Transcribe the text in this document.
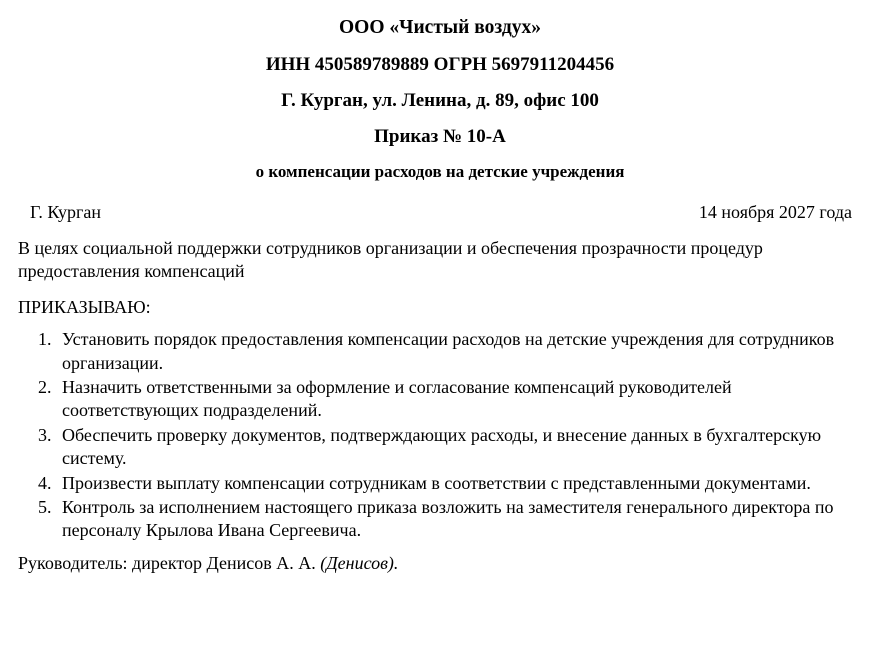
ООО «Чистый воздух»
ИНН 450589789889 ОГРН 5697911204456
Г. Курган, ул. Ленина, д. 89, офис 100
Приказ № 10-А
о компенсации расходов на детские учреждения
Г. Курган	14 ноября 2027 года

В целях социальной поддержки сотрудников организации и обеспечения прозрачности процедур предоставления компенсаций

ПРИКАЗЫВАЮ:

1. Установить порядок предоставления компенсации расходов на детские учреждения для сотрудников организации.
2. Назначить ответственными за оформление и согласование компенсаций руководителей соответствующих подразделений.
3. Обеспечить проверку документов, подтверждающих расходы, и внесение данных в бухгалтерскую систему.
4. Произвести выплату компенсации сотрудникам в соответствии с представленными документами.
5. Контроль за исполнением настоящего приказа возложить на заместителя генерального директора по персоналу Крылова Ивана Сергеевича.
Руководитель: директор Денисов А. А. (Денисов).
